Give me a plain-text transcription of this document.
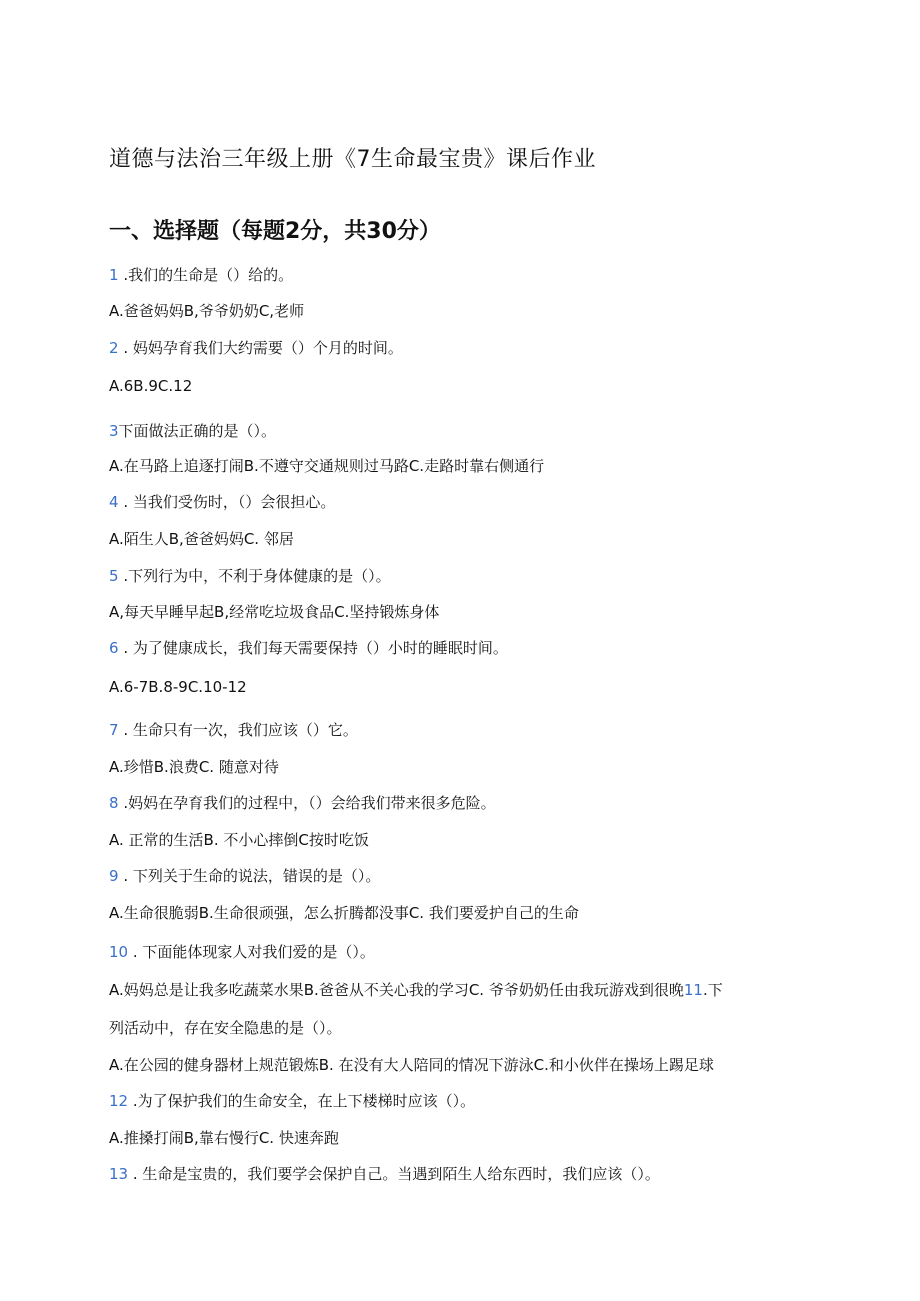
道德与法治三年级上册《7生命最宝贵》课后作业
一、选择题（每题2分，共30分）
1 .我们的生命是（）给的。
A.爸爸妈妈B,爷爷奶奶C,老师
2 . 妈妈孕育我们大约需要（）个月的时间。
A.6B.9C.12
3下面做法正确的是（）。
A.在马路上追逐打闹B.不遵守交通规则过马路C.走路时靠右侧通行
4 . 当我们受伤时，（）会很担心。
A.陌生人B,爸爸妈妈C. 邻居
5 .下列行为中，不利于身体健康的是（）。
A,每天早睡早起B,经常吃垃圾食品C.坚持锻炼身体
6 . 为了健康成长，我们每天需要保持（）小时的睡眠时间。
A.6-7B.8-9C.10-12
7 . 生命只有一次，我们应该（）它。
A.珍惜B.浪费C. 随意对待
8 .妈妈在孕育我们的过程中，（）会给我们带来很多危险。
A. 正常的生活B. 不小心摔倒C按时吃饭
9 . 下列关于生命的说法，错误的是（）。
A.生命很脆弱B.生命很顽强，怎么折腾都没事C. 我们要爱护自己的生命
10 . 下面能体现家人对我们爱的是（）。
A.妈妈总是让我多吃蔬菜水果B.爸爸从不关心我的学习C. 爷爷奶奶任由我玩游戏到很晚11.下
列活动中，存在安全隐患的是（）。
A.在公园的健身器材上规范锻炼B. 在没有大人陪同的情况下游泳C.和小伙伴在操场上踢足球
12 .为了保护我们的生命安全，在上下楼梯时应该（）。
A.推搡打闹B,靠右慢行C. 快速奔跑
13 . 生命是宝贵的，我们要学会保护自己。当遇到陌生人给东西时，我们应该（）。
